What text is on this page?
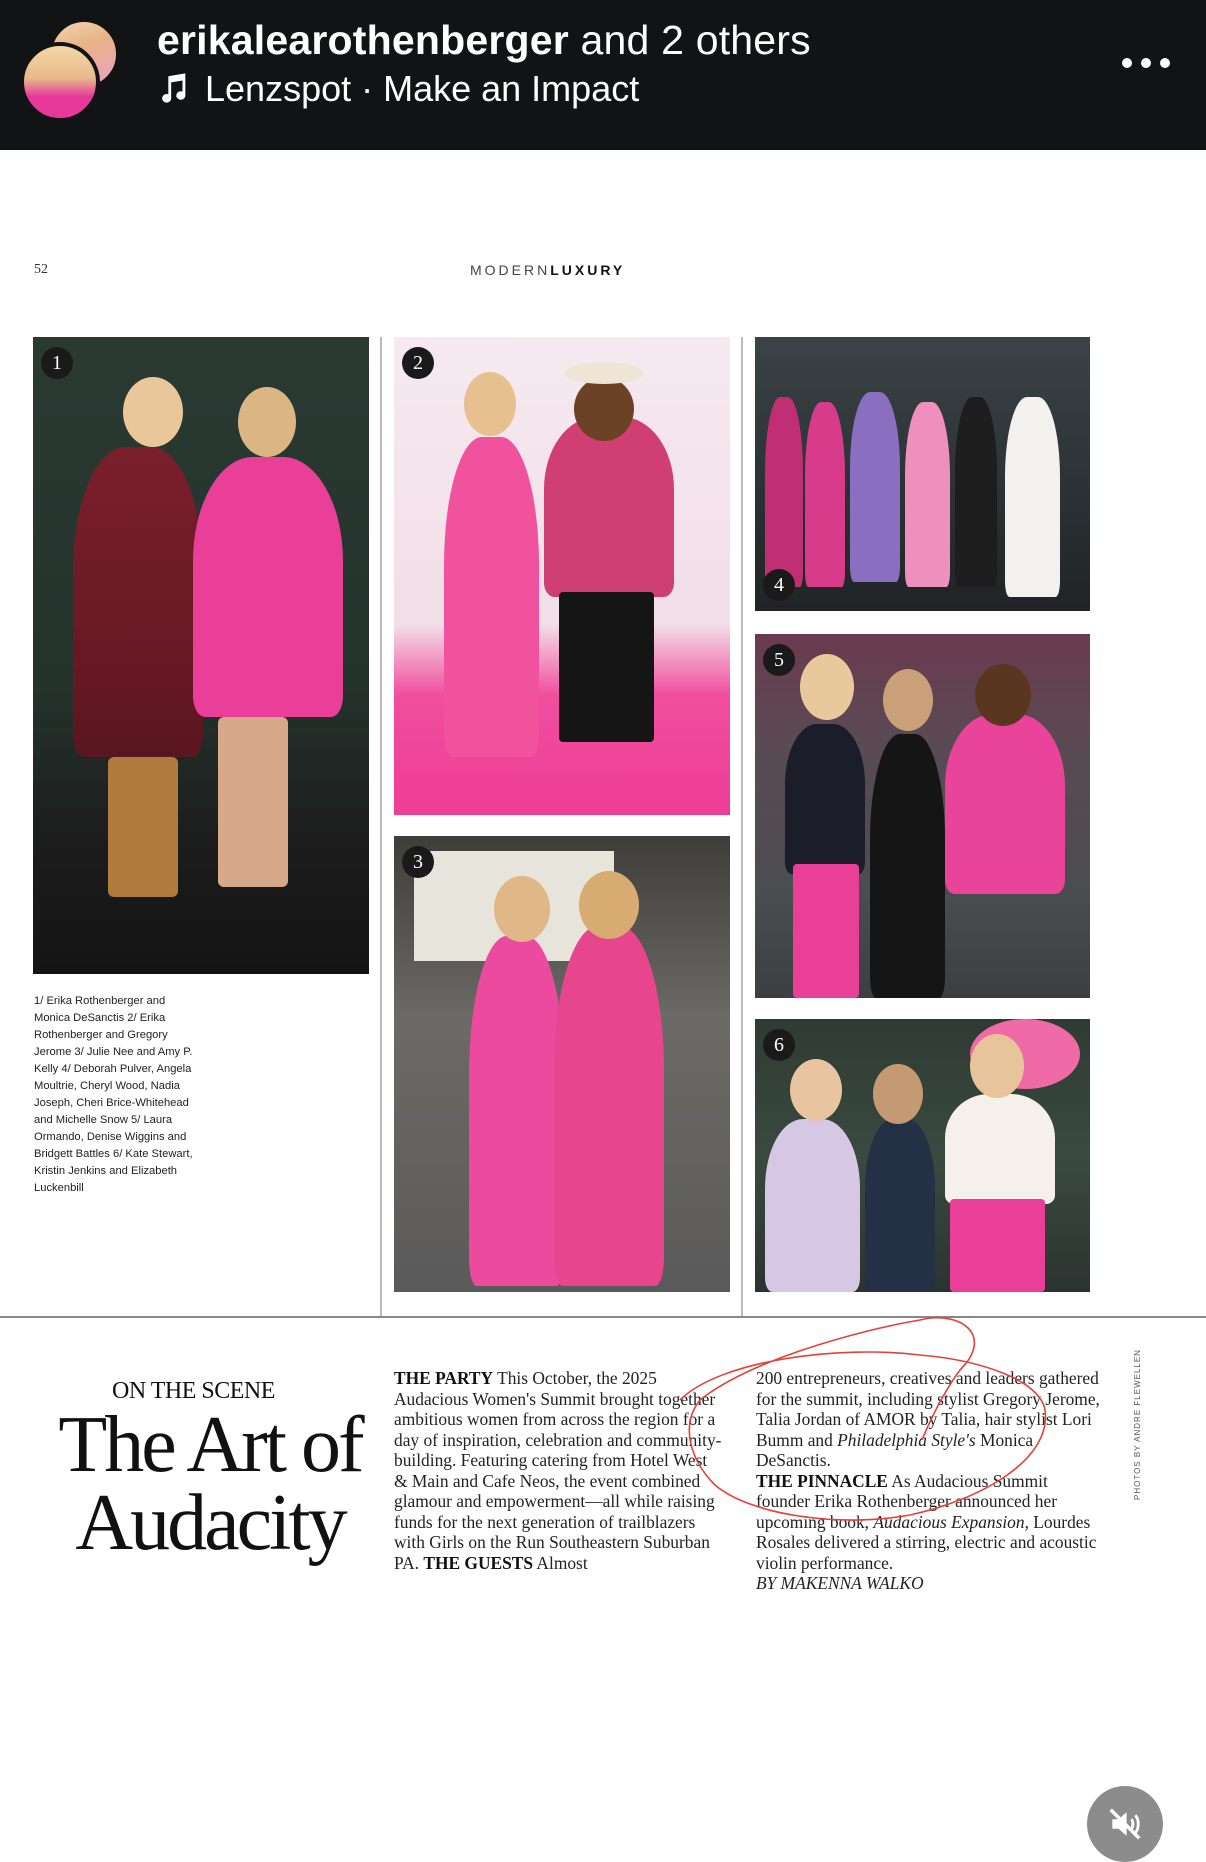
erikalearothenberger and 2 others
Lenzspot · Make an Impact
52	MODERNLUXURY
1	2
3
4
5
6
1/ Erika Rothenberger and Monica DeSanctis 2/ Erika Rothenberger and Gregory Jerome 3/ Julie Nee and Amy P. Kelly 4/ Deborah Pulver, Angela Moultrie, Cheryl Wood, Nadia Joseph, Cheri Brice-Whitehead and Michelle Snow 5/ Laura Ormando, Denise Wiggins and Bridgett Battles 6/ Kate Stewart, Kristin Jenkins and Elizabeth Luckenbill
ON THE SCENE
The Art of
Audacity
THE PARTY This October, the 2025 Audacious Women's Summit brought together ambitious women from across the region for a day of inspiration, celebration and community-building. Featuring catering from Hotel West & Main and Cafe Neos, the event combined glamour and empowerment—all while raising funds for the next generation of trailblazers with Girls on the Run Southeastern Suburban PA. THE GUESTS Almost
200 entrepreneurs, creatives and leaders gathered for the summit, including stylist Gregory Jerome, Talia Jordan of AMOR by Talia, hair stylist Lori Bumm and Philadelphia Style's Monica DeSanctis.
THE PINNACLE As Audacious Summit founder Erika Rothenberger announced her upcoming book, Audacious Expansion, Lourdes Rosales delivered a stirring, electric and acoustic violin performance.
BY MAKENNA WALKO
PHOTOS BY ANDRE FLEWELLEN
